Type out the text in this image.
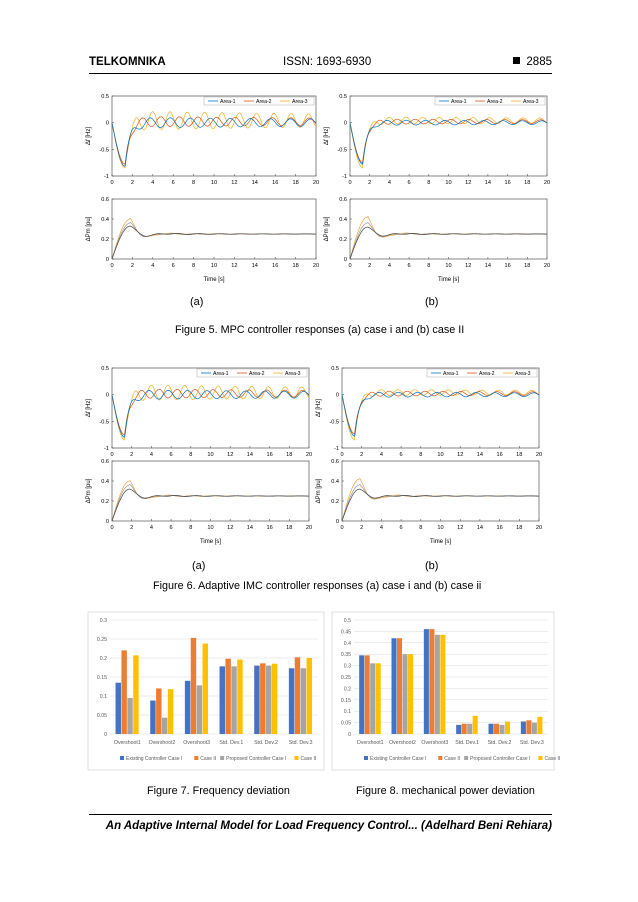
TELKOMNIKA	ISSN: 1693-6930	2885
0	2	4	6	8	10	12	14	16	18	20
-1
-0.5
0
0.5
Δf [Hz]
Area-1	Area-2	Area-3
0	2	4	6	8	10	12	14	16	18	20
0
0.2
0.4
0.6
ΔPm [pu]
Time [s]
0	2	4	6	8	10 12 14 16 18 20
-1
-0.5
0
0.5
Δf [Hz]
Area-1	Area-2	Area-3
0	2	4	6	8	10 12 14 16 18 20
0
0.2
0.4
0.6
ΔPm [pu]
Time [s]
(a)	(b)
Figure 5. MPC controller responses (a) case i and (b) case II
0	2	4	6	8	10 12 14 16 18 20
-1
-0.5
0
0.5
Δf [Hz]
Area-1	Area-2	Area-3
0	2	4	6	8	10 12 14 16 18 20
0
0.2
0.4
0.6
ΔPm [pu]
Time [s]
0	2	4	6	8	10 12 14 16 18 20
-1
-0.5
0
0.5
Δf [Hz]
Area-1	Area-2	Area-3
0	2	4	6	8	10 12 14 16 18 20
0
0.2
0.4
0.6
ΔPm [pu]
Time [s]
(a)	(b)
Figure 6. Adaptive IMC controller responses (a) case i and (b) case ii
0
0.05
0.1
0.15
0.2
0.25
0.3
Overshoot1 Overshoot2 Overshoot3 Std. Dev.1 Std. Dev.2 Std. Dev.3
Existing Controller Case I	Case II Proposed Controller Case I	Case II
0
0.05
0.1
0.15
0.2
0.25
0.3
0.35
0.4
0.45
0.5
Overshoot1 Overshoot2 Overshoot3 Std. Dev.1 Std. Dev.2 Std. Dev.3
Existing Controller Case I	Case II Proposed Controller Case I	Case II
Figure 7. Frequency deviation	Figure 8. mechanical power deviation
An Adaptive Internal Model for Load Frequency Control... (Adelhard Beni Rehiara)
